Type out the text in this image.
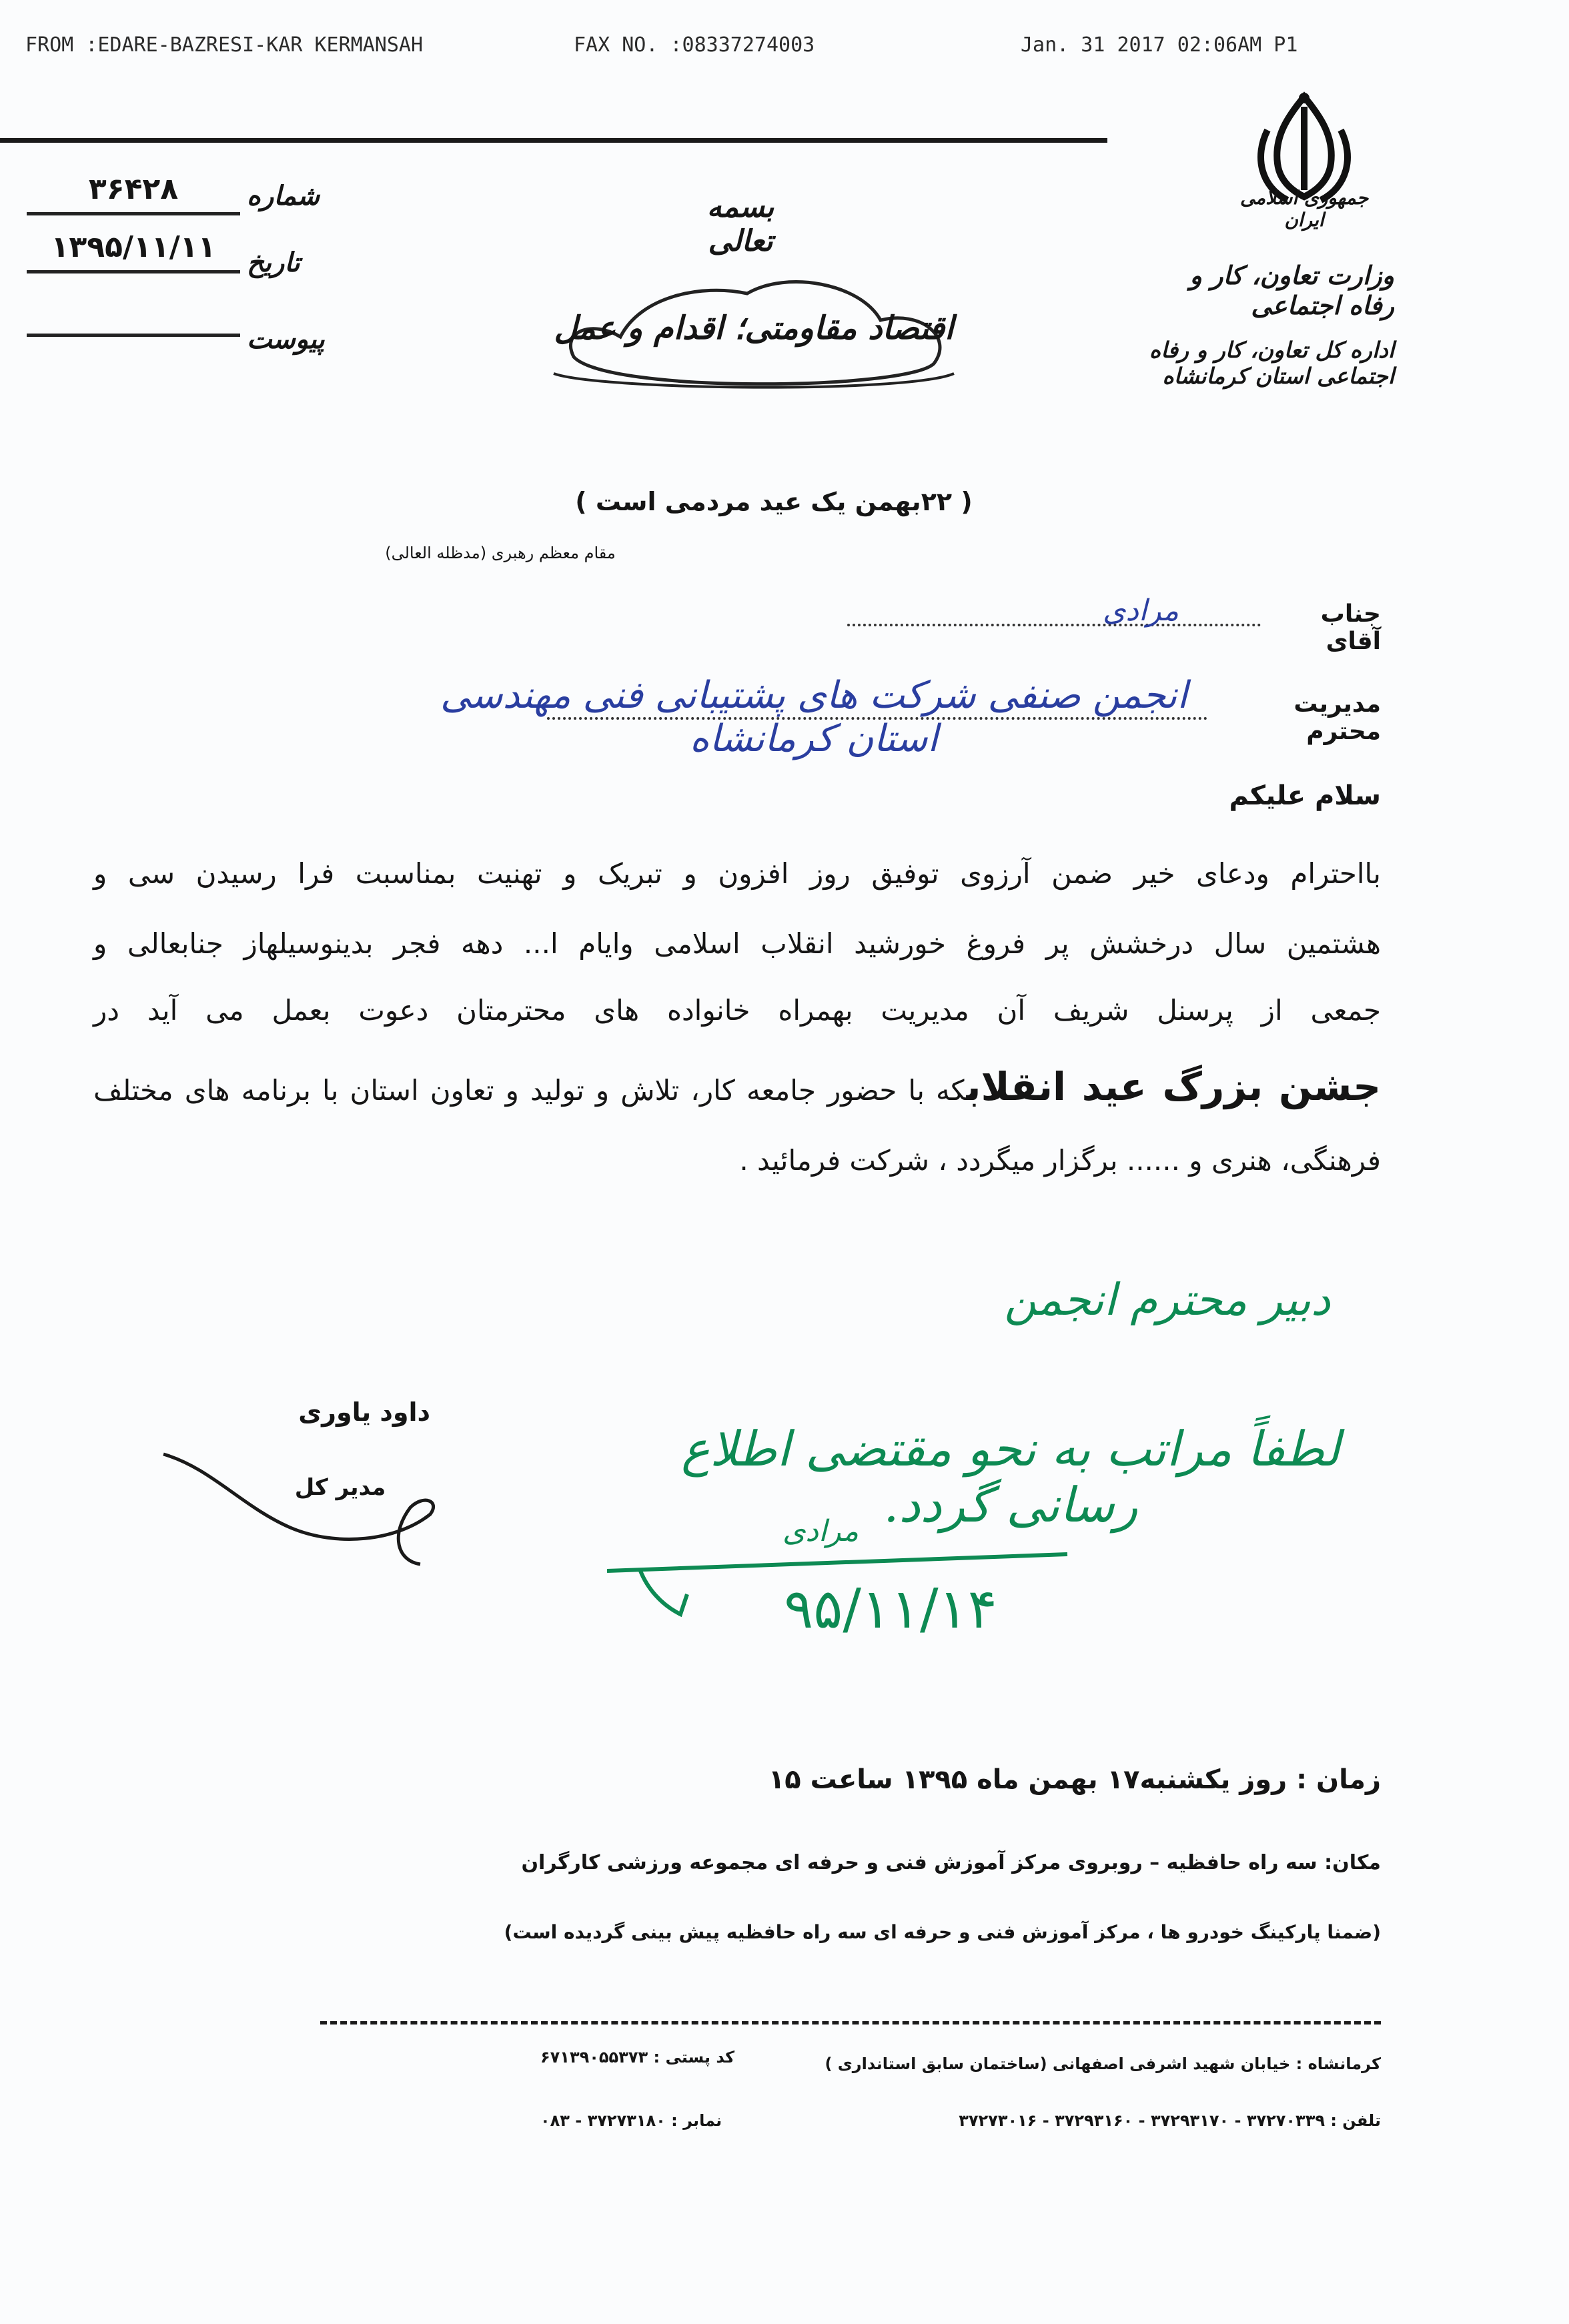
FROM :EDARE-BAZRESI-KAR KERMANSAH	FAX NO. :08337274003	Jan. 31 2017 02:06AM P1
۳۶۴۲۸	شماره
۱۳۹۵/۱۱/۱۱ تاریخ
پیوست
بسمه تعالی
اقتصاد مقاومتی؛ اقدام و عمل
جمهوری اسلامی ایران
وزارت تعاون، کار و رفاه اجتماعی
اداره کل تعاون، کار و رفاه اجتماعی استان کرمانشاه
( ۲۲بهمن یک عید مردمی است )
مقام معظم رهبری (مدظله العالی)
جناب آقای
مرادی
مدیریت محترم
انجمن صنفی شرکت های پشتیبانی فنی مهندسی استان کرمانشاه
سلام علیکم
بااحترام ودعای خیر ضمن آرزوی توفیق روز افزون و تبریک و تهنیت بمناسبت فرا رسیدن سی و
هشتمین سال درخشش پر فروغ خورشید انقلاب اسلامی وایام ا... دهه فجر بدینوسیلهاز جنابعالی و
جمعی از پرسنل شریف آن مدیریت بهمراه خانواده های محترمتان دعوت بعمل می آید در
جشن بزرگ عید انقلابکه با حضور جامعه کار، تلاش و تولید و تعاون استان با برنامه های مختلف
فرهنگی، هنری و ...... برگزار میگردد ، شرکت فرمائید .
داود یاوری
مدیر کل
دبیر محترم انجمن
لطفاً مراتب به نحو مقتضی اطلاع رسانی گردد.
مرادی
۹۵/۱۱/۱۴
زمان : روز یکشنبه۱۷ بهمن ماه ۱۳۹۵ ساعت ۱۵
مکان: سه راه حافظیه – روبروی مرکز آموزش فنی و حرفه ای مجموعه ورزشی کارگران
(ضمنا پارکینگ خودرو ها ، مرکز آموزش فنی و حرفه ای سه راه حافظیه پیش بینی گردیده است)
کرمانشاه : خیابان شهید اشرفی اصفهانی (ساختمان سابق استانداری )
کد پستی : ۶۷۱۳۹۰۵۵۳۷۳
تلفن : ۳۷۲۷۰۳۳۹ - ۳۷۲۹۳۱۷۰ - ۳۷۲۹۳۱۶۰ - ۳۷۲۷۳۰۱۶
نمابر : ۳۷۲۷۳۱۸۰ - ۰۸۳
